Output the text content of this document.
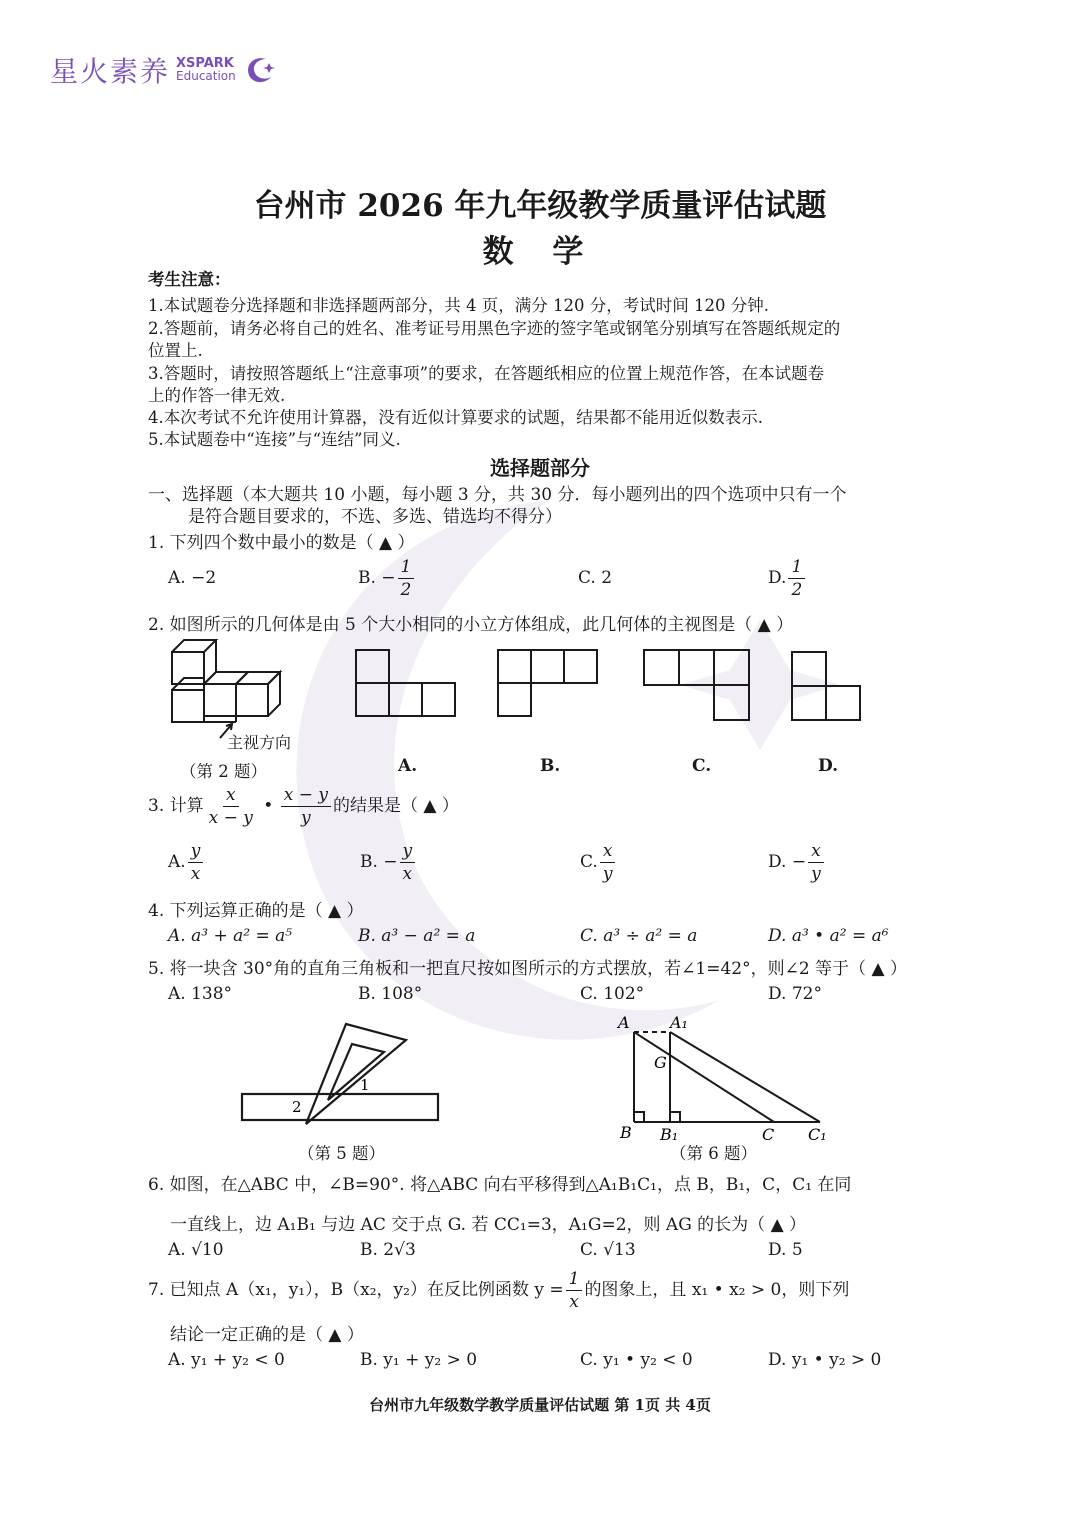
星火素养 XSPARK
Education
台州市 2026 年九年级教学质量评估试题
数 学
考生注意：
1.本试题卷分选择题和非选择题两部分，共 4 页，满分 120 分，考试时间 120 分钟.
2.答题前，请务必将自己的姓名、准考证号用黑色字迹的签字笔或钢笔分别填写在答题纸规定的
位置上.
3.答题时，请按照答题纸上“注意事项”的要求，在答题纸相应的位置上规范作答，在本试题卷
上的作答一律无效.
4.本次考试不允许使用计算器，没有近似计算要求的试题，结果都不能用近似数表示.
5.本试题卷中“连接”与“连结”同义.
选择题部分
一、选择题（本大题共 10 小题，每小题 3 分，共 30 分．每小题列出的四个选项中只有一个
是符合题目要求的，不选、多选、错选均不得分）
1. 下列四个数中最小的数是（ ▲ ）
A. −2	B. − $\frac{1}{2}$	C. 2	D. $\frac{1}{2}$
2. 如图所示的几何体是由 5 个大小相同的小立方体组成，此几何体的主视图是（ ▲ ）
主视方向
（第 2 题）	A.	B.	C.	D.
3. 计算 $\frac{x}{x - y}$ • $\frac{x - y}{y}$ 的结果是（ ▲ ）
A. $\frac{y}{x}$	B. − $\frac{y}{x}$	C. $\frac{x}{y}$	D. − $\frac{x}{y}$
4. 下列运算正确的是（ ▲ ）
A. a³ + a² = a⁵	B. a³ − a² = a	C. a³ ÷ a² = a	D. a³ • a² = a⁶
5. 将一块含 30°角的直角三角板和一把直尺按如图所示的方式摆放，若∠1=42°，则∠2 等于（ ▲ ）
A. 138°	B. 108°	C. 102°	D. 72°
1
2
（第 5 题）
A	A₁
G
B B₁	C C₁
（第 6 题）
6. 如图，在△ABC 中，∠B=90°. 将△ABC 向右平移得到△A₁B₁C₁，点 B，B₁，C，C₁ 在同
一直线上，边 A₁B₁ 与边 AC 交于点 G. 若 CC₁=3，A₁G=2，则 AG 的长为（ ▲ ）
A. √10	B. 2√3	C. √13	D. 5
7. 已知点 A（x₁，y₁），B（x₂，y₂）在反比例函数 $y = \frac{1}{x}$ 的图象上，且 x₁ • x₂ > 0，则下列
结论一定正确的是（ ▲ ）
A. y₁ + y₂ < 0	B. y₁ + y₂ > 0	C. y₁ • y₂ < 0	D. y₁ • y₂ > 0
台州市九年级数学教学质量评估试题 第 1页 共 4页
